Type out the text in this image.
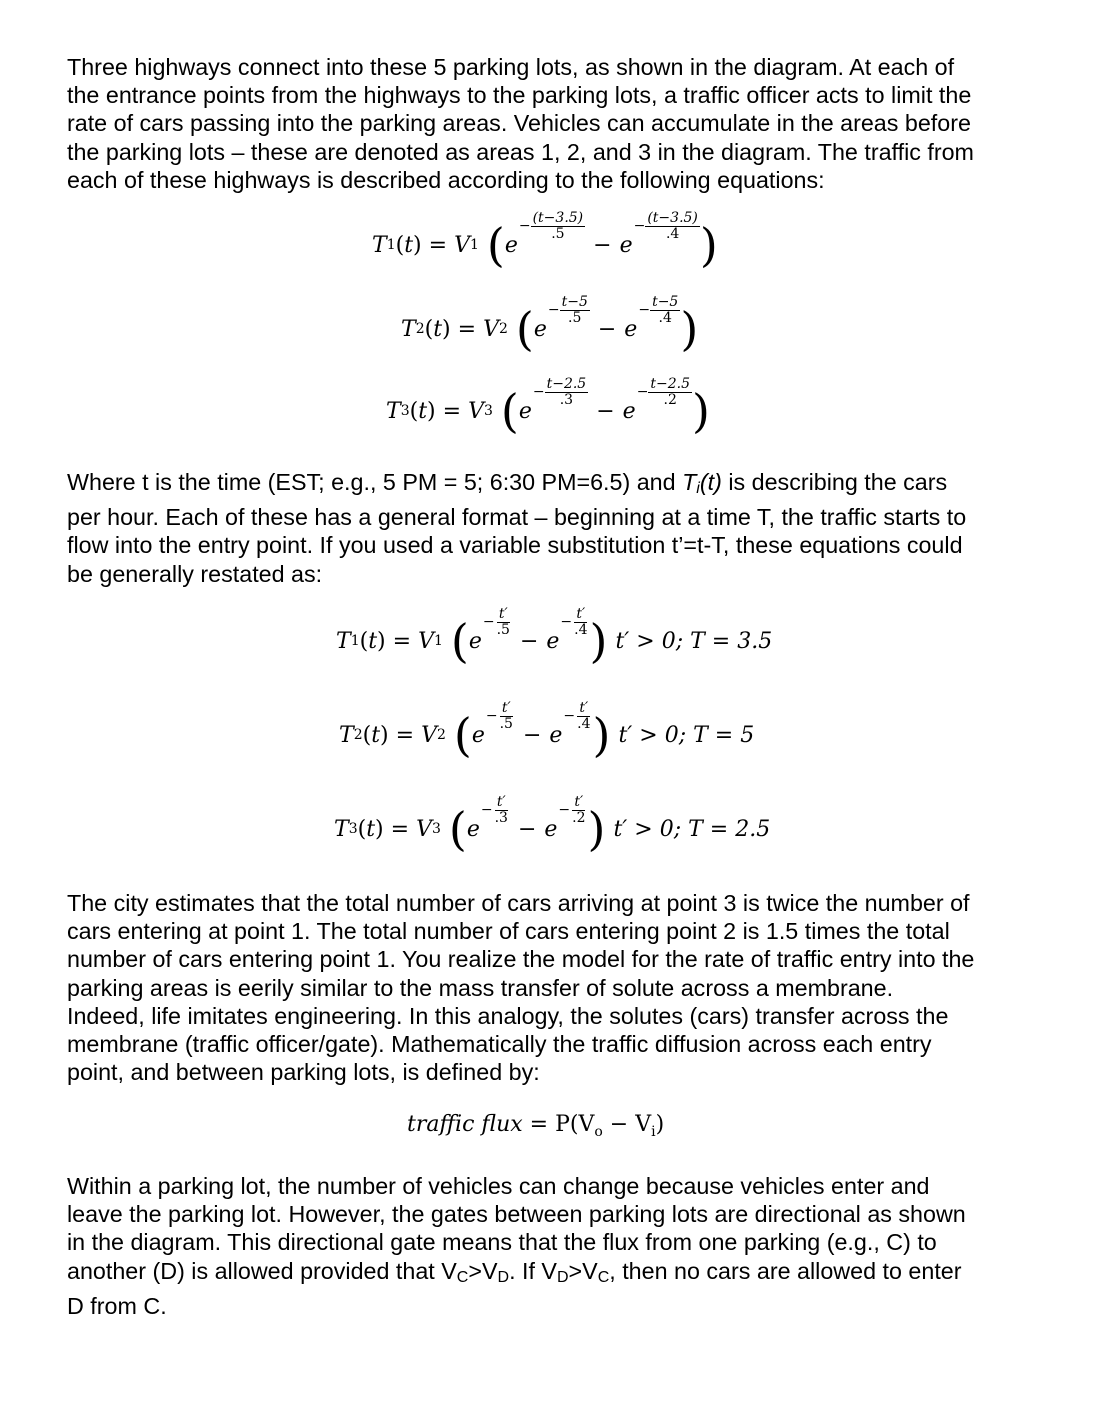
Three highways connect into these 5 parking lots, as shown in the diagram. At each of
the entrance points from the highways to the parking lots, a traffic officer acts to limit the
rate of cars passing into the parking areas. Vehicles can accumulate in the areas before
the parking lots – these are denoted as areas 1, 2, and 3 in the diagram. The traffic from
each of these highways is described according to the following equations:

T 1 ( t ) = V 1 ( e
− $\frac{(t-3.5)}{.5}$
− e
− $\frac{(t-3.5)}{.4}$ )
T 2 ( t ) = V 2 ( e
− $\frac{t-5}{.5}$
− e
− $\frac{t-5}{.4}$ )
T 3 ( t ) = V 3 ( e
− $\frac{t-2.5}{.3}$
− e
− $\frac{t-2.5}{.2}$ )

Where t is the time (EST; e.g., 5 PM = 5; 6:30 PM=6.5) and Ti(t) is describing the cars
per hour. Each of these has a general format – beginning at a time T, the traffic starts to
flow into the entry point. If you used a variable substitution t’=t-T, these equations could
be generally restated as:

T 1 ( t ) = V 1 ( e
− $\frac{t'}{.5}$
− e
− $\frac{t'}{.4}$ ) t′ > 0; T = 3.5
T 2 ( t ) = V 2 ( e
− $\frac{t'}{.5}$
− e
− $\frac{t'}{.4}$ ) t′ > 0; T = 5
T 3 ( t ) = V 3 ( e
− $\frac{t'}{.3}$
− e
− $\frac{t'}{.2}$ ) t′ > 0; T = 2.5

The city estimates that the total number of cars arriving at point 3 is twice the number of
cars entering at point 1. The total number of cars entering point 2 is 1.5 times the total
number of cars entering point 1. You realize the model for the rate of traffic entry into the
parking areas is eerily similar to the mass transfer of solute across a membrane.
Indeed, life imitates engineering. In this analogy, the solutes (cars) transfer across the
membrane (traffic officer/gate). Mathematically the traffic diffusion across each entry
point, and between parking lots, is defined by:

traffic flux = $P(V_o - V_i)$

Within a parking lot, the number of vehicles can change because vehicles enter and
leave the parking lot. However, the gates between parking lots are directional as shown
in the diagram. This directional gate means that the flux from one parking (e.g., C) to
another (D) is allowed provided that VC>VD. If VD>VC, then no cars are allowed to enter
D from C.
